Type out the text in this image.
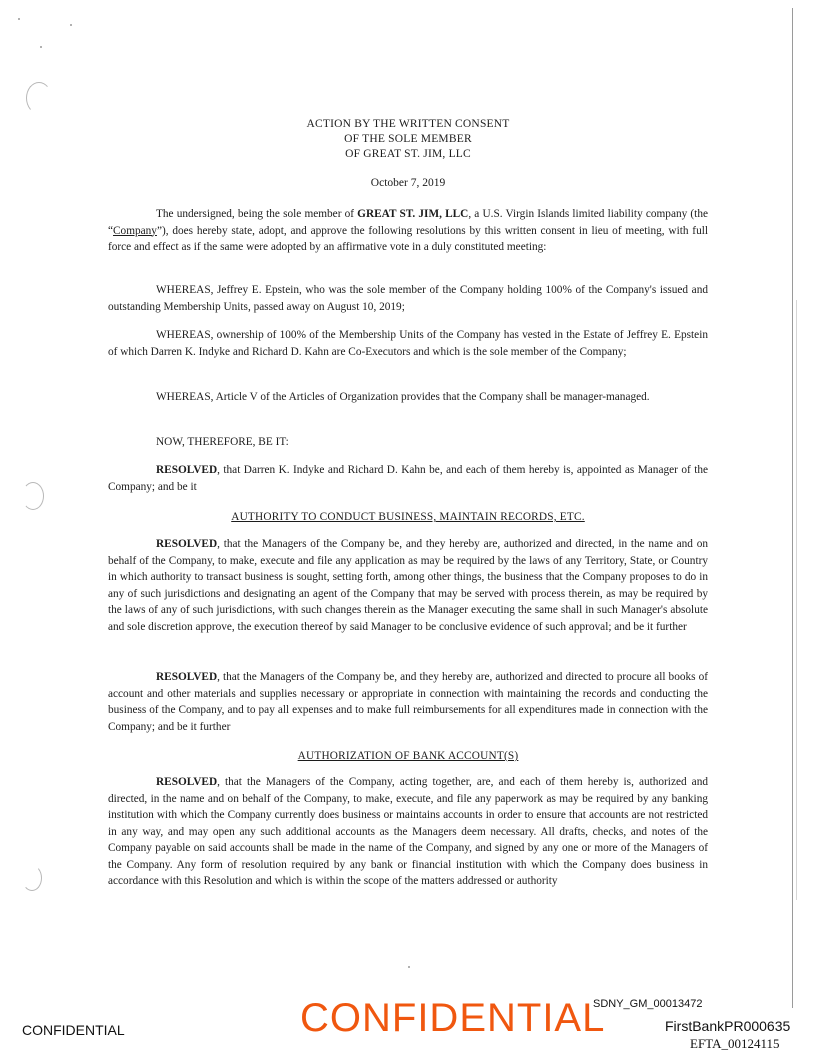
ACTION BY THE WRITTEN CONSENT
OF THE SOLE MEMBER
OF GREAT ST. JIM, LLC
October 7, 2019

The undersigned, being the sole member of GREAT ST. JIM, LLC, a U.S. Virgin Islands limited liability company (the “Company”), does hereby state, adopt, and approve the following resolutions by this written consent in lieu of meeting, with full force and effect as if the same were adopted by an affirmative vote in a duly constituted meeting:

WHEREAS, Jeffrey E. Epstein, who was the sole member of the Company holding 100% of the Company's issued and outstanding Membership Units, passed away on August 10, 2019;

WHEREAS, ownership of 100% of the Membership Units of the Company has vested in the Estate of Jeffrey E. Epstein of which Darren K. Indyke and Richard D. Kahn are Co-Executors and which is the sole member of the Company;

WHEREAS, Article V of the Articles of Organization provides that the Company shall be manager-managed.

NOW, THEREFORE, BE IT:

RESOLVED, that Darren K. Indyke and Richard D. Kahn be, and each of them hereby is, appointed as Manager of the Company; and be it

AUTHORITY TO CONDUCT BUSINESS, MAINTAIN RECORDS, ETC.

RESOLVED, that the Managers of the Company be, and they hereby are, authorized and directed, in the name and on behalf of the Company, to make, execute and file any application as may be required by the laws of any Territory, State, or Country in which authority to transact business is sought, setting forth, among other things, the business that the Company proposes to do in any of such jurisdictions and designating an agent of the Company that may be served with process therein, as may be required by the laws of any of such jurisdictions, with such changes therein as the Manager executing the same shall in such Manager's absolute and sole discretion approve, the execution thereof by said Manager to be conclusive evidence of such approval; and be it further

RESOLVED, that the Managers of the Company be, and they hereby are, authorized and directed to procure all books of account and other materials and supplies necessary or appropriate in connection with maintaining the records and conducting the business of the Company, and to pay all expenses and to make full reimbursements for all expenditures made in connection with the Company; and be it further

AUTHORIZATION OF BANK ACCOUNT(S)

RESOLVED, that the Managers of the Company, acting together, are, and each of them hereby is, authorized and directed, in the name and on behalf of the Company, to make, execute, and file any paperwork as may be required by any banking institution with which the Company currently does business or maintains accounts in order to ensure that accounts are not restricted in any way, and may open any such additional accounts as the Managers deem necessary. All drafts, checks, and notes of the Company payable on said accounts shall be made in the name of the Company, and signed by any one or more of the Managers of the Company. Any form of resolution required by any bank or financial institution with which the Company does business in accordance with this Resolution and which is within the scope of the matters addressed or authority

CONFIDENTIAL
CONFIDENTIAL
SDNY_GM_00013472
FirstBankPR000635
EFTA_00124115
